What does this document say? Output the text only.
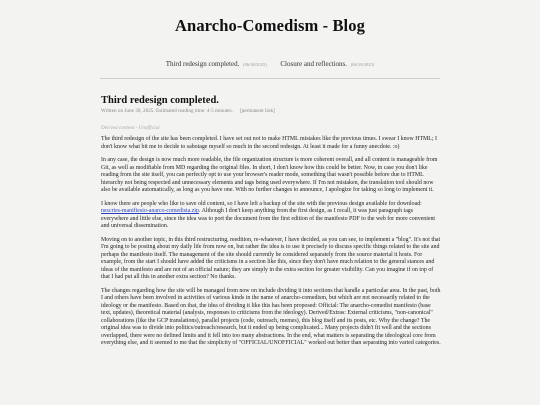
Anarcho-Comedism - Blog
Third redesign completed. (06/30/2025) Closure and reflections. (06/19/2025)
Third redesign completed.
Written on June 30, 2025. Estimated reading time: 4-5 minutes. [permanent link]
Derived content - Unofficial

The third redesign of the site has been completed. I have set out not to make HTML mistakes like the previous times. I swear I know HTML; I don't know what bit me to decide to sabotage myself so much in the second redesign. At least it made for a funny anecdote. :o)

In any case, the design is now much more readable, the file organization structure is more coherent overall, and all content is manageable from Git, as well as modifiable from MD regarding the original files. In short, I don't know how this could be better. Now, in case you don't like reading from the site itself, you can perfectly opt to use your browser's reader mode, something that wasn't possible before due to HTML hierarchy not being respected and unnecessary elements and tags being used everywhere. If I'm not mistaken, the translation tool should now also be available automatically, as long as you have one. With no further changes to announce, I apologize for taking so long to implement it.

I know there are people who like to save old content, so I have left a backup of the site with the previous design available for download: nescries-manifiesto-anarco-comedista.zip. Although I don't keep anything from the first design, as I recall, it was just paragraph tags everywhere and little else, since the idea was to port the document from the first edition of the manifesto PDF to the web for more convenient and universal dissemination.

Moving on to another topic, in this third restructuring, reedition, re-whatever, I have decided, as you can see, to implement a "blog". It's not that I'm going to be posting about my daily life from now on, but rather the idea is to use it precisely to discuss specific things related to the site and perhaps the manifesto itself. The management of the site should currently be considered separately from the source material it hosts. For example, from the start I should have added the criticisms in a section like this, since they don't have much relation to the general stances and ideas of the manifesto and are not of an official nature; they are simply in the extra section for greater visibility. Can you imagine if on top of that I had put all this in another extra section? No thanks.

The changes regarding how the site will be managed from now on include dividing it into sections that handle a particular area. In the past, both I and others have been involved in activities of various kinds in the name of anarcho-comedism, but which are not necessarily related to the ideology or the manifesto. Based on that, the idea of dividing it like this has been proposed: Official: The anarcho-comedist manifesto (base text, updates), theoretical material (analysis, responses to criticisms from the ideology). Derived/Extras: External criticisms, "non-canonical" collaborations (like the GCP translations), parallel projects (code, outreach, memes), this blog itself and its posts, etc. Why the change? The original idea was to divide into politics/outreach/research, but it ended up being complicated... Many projects didn't fit well and the sections overlapped, there were no defined limits and it fell into too many abstractions. In the end, what matters is separating the ideological core from everything else, and it seemed to me that the simplicity of "OFFICIAL/UNOFFICIAL" worked out better than separating into varied categories.
